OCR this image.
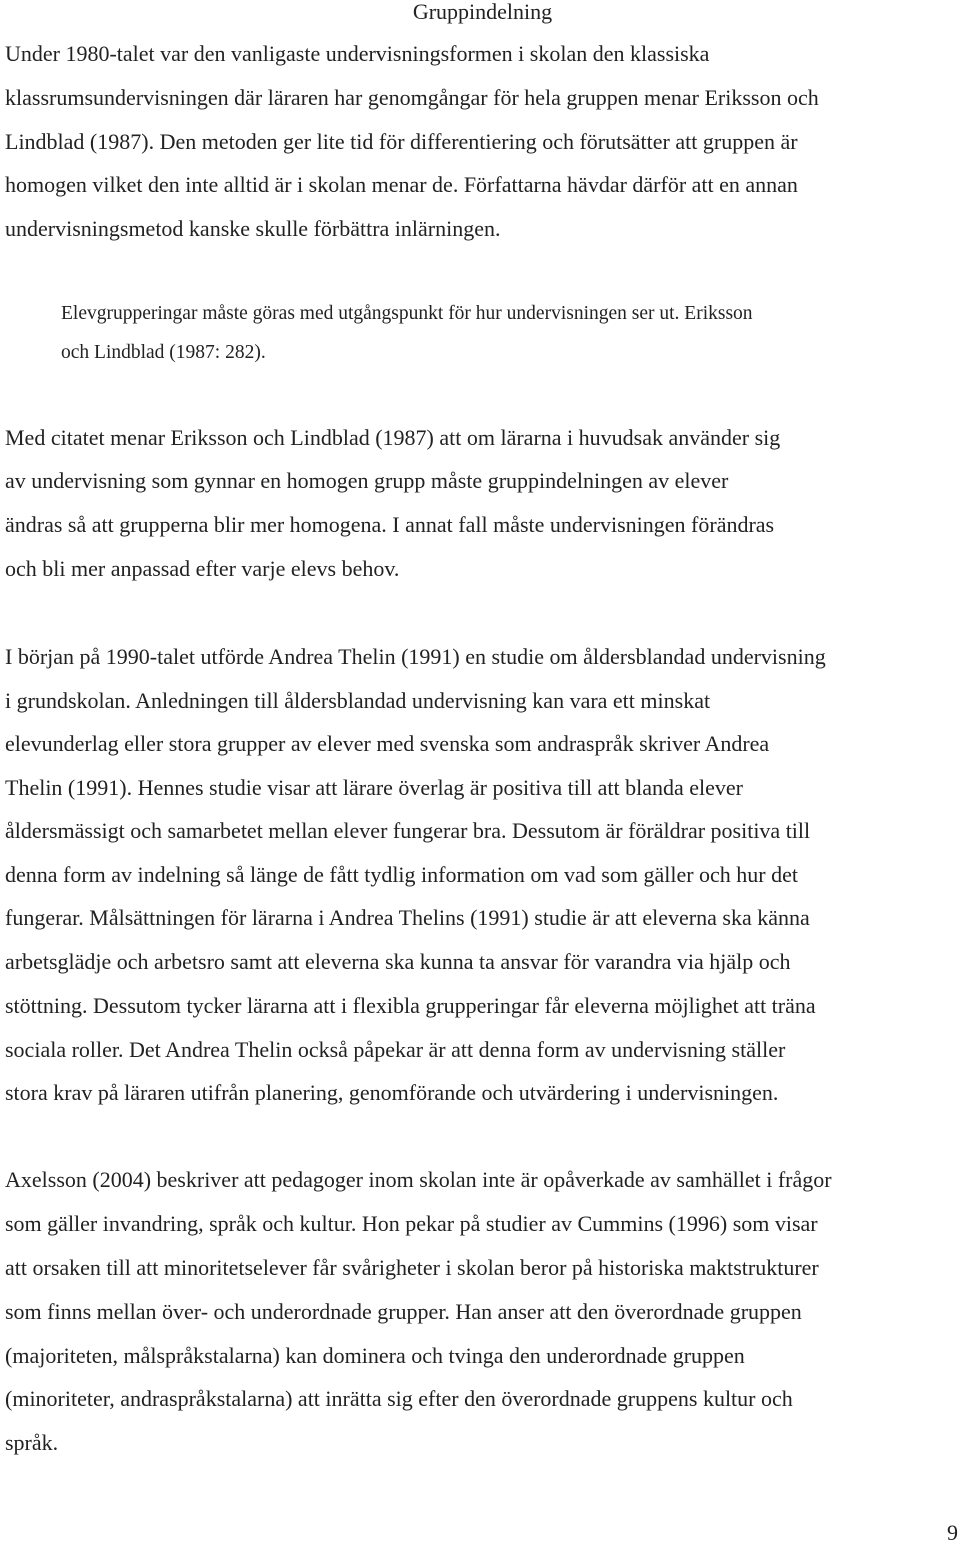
Gruppindelning
Under 1980-talet var den vanligaste undervisningsformen i skolan den klassiska
klassrumsundervisningen där läraren har genomgångar för hela gruppen menar Eriksson och
Lindblad (1987). Den metoden ger lite tid för differentiering och förutsätter att gruppen är
homogen vilket den inte alltid är i skolan menar de. Författarna hävdar därför att en annan
undervisningsmetod kanske skulle förbättra inlärningen.
Elevgrupperingar måste göras med utgångspunkt för hur undervisningen ser ut. Eriksson
och Lindblad (1987: 282).
Med citatet menar Eriksson och Lindblad (1987) att om lärarna i huvudsak använder sig
av undervisning som gynnar en homogen grupp måste gruppindelningen av elever
ändras så att grupperna blir mer homogena. I annat fall måste undervisningen förändras
och bli mer anpassad efter varje elevs behov.
I början på 1990-talet utförde Andrea Thelin (1991) en studie om åldersblandad undervisning
i grundskolan. Anledningen till åldersblandad undervisning kan vara ett minskat
elevunderlag eller stora grupper av elever med svenska som andraspråk skriver Andrea
Thelin (1991). Hennes studie visar att lärare överlag är positiva till att blanda elever
åldersmässigt och samarbetet mellan elever fungerar bra. Dessutom är föräldrar positiva till
denna form av indelning så länge de fått tydlig information om vad som gäller och hur det
fungerar. Målsättningen för lärarna i Andrea Thelins (1991) studie är att eleverna ska känna
arbetsglädje och arbetsro samt att eleverna ska kunna ta ansvar för varandra via hjälp och
stöttning. Dessutom tycker lärarna att i flexibla grupperingar får eleverna möjlighet att träna
sociala roller. Det Andrea Thelin också påpekar är att denna form av undervisning ställer
stora krav på läraren utifrån planering, genomförande och utvärdering i undervisningen.
Axelsson (2004) beskriver att pedagoger inom skolan inte är opåverkade av samhället i frågor
som gäller invandring, språk och kultur. Hon pekar på studier av Cummins (1996) som visar
att orsaken till att minoritetselever får svårigheter i skolan beror på historiska maktstrukturer
som finns mellan över- och underordnade grupper. Han anser att den överordnade gruppen
(majoriteten, målspråkstalarna) kan dominera och tvinga den underordnade gruppen
(minoriteter, andraspråkstalarna) att inrätta sig efter den överordnade gruppens kultur och
språk.
9
